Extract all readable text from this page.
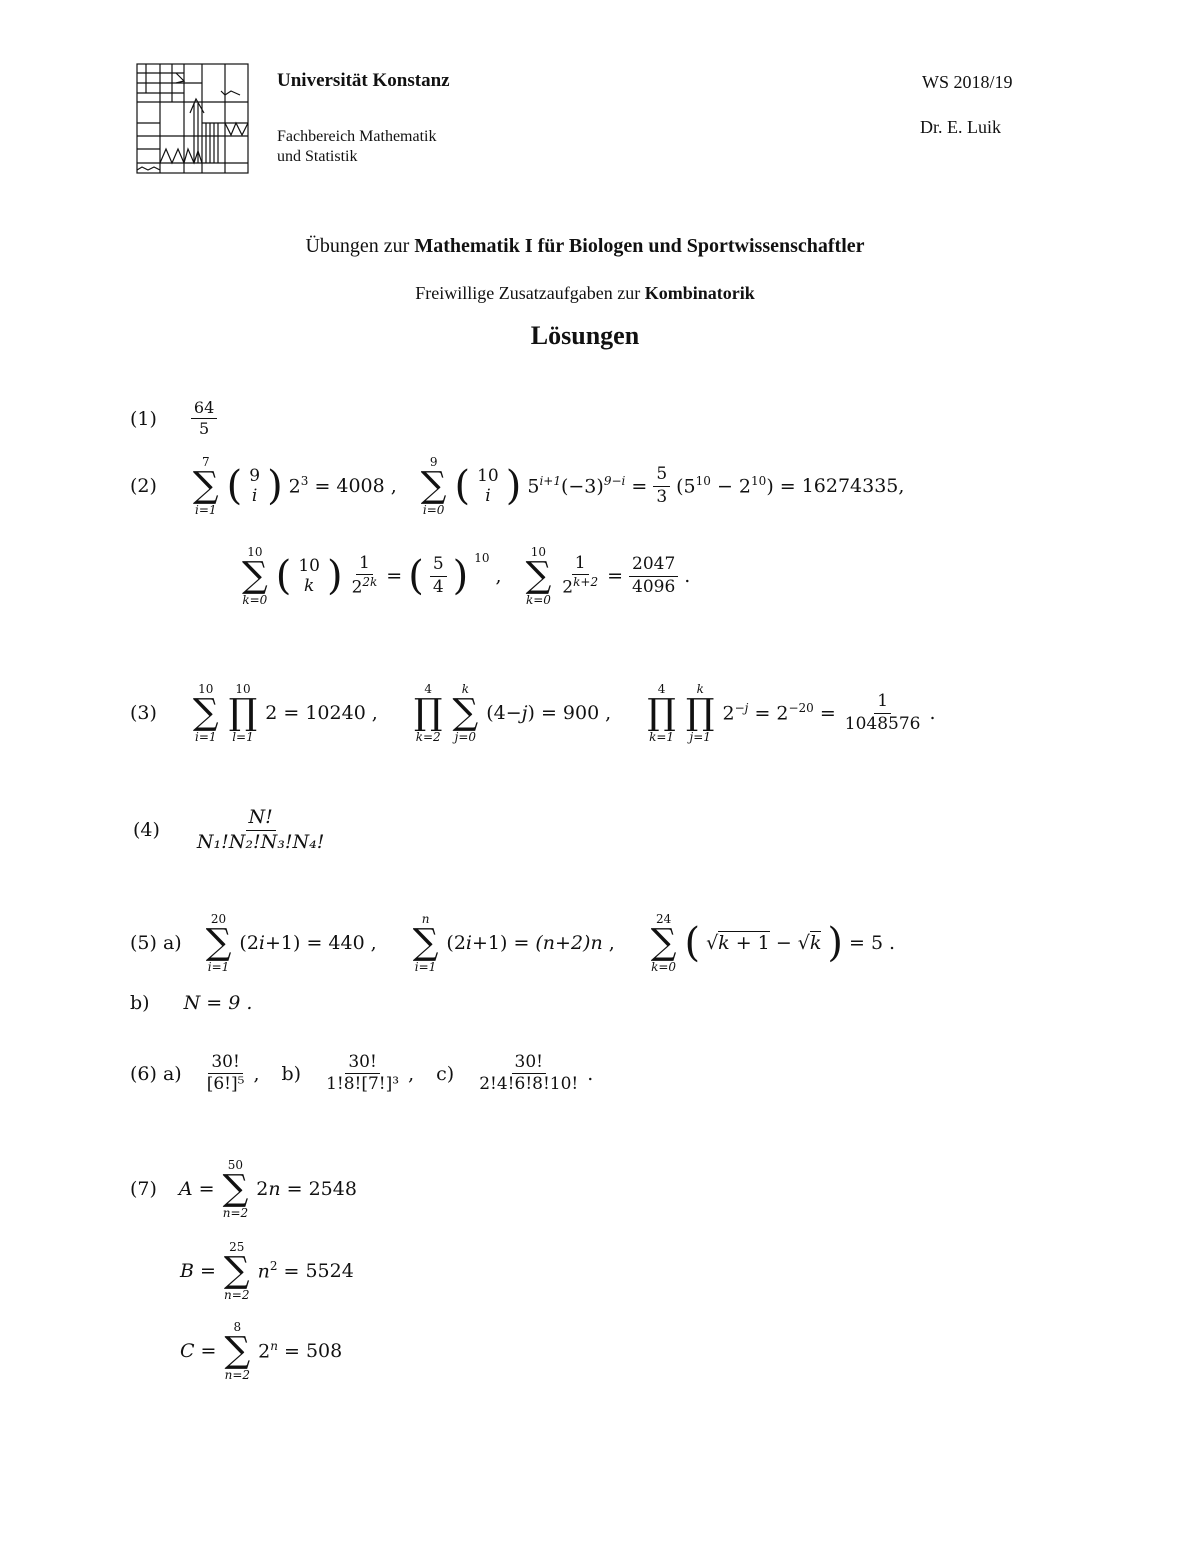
Universität Konstanz
Fachbereich Mathematik
und Statistik
WS 2018/19
Dr. E. Luik
Übungen zur Mathematik I für Biologen und Sportwissenschaftler
Freiwillige Zusatzaufgaben zur Kombinatorik
Lösungen
$(1) \frac{64}{5}$
(2)
7
∑
i=1
( 9
i ) $2^3 = 4008$ ,
9
∑
i=0
( 10
i ) $5^{i+1}(-3)^{9-i} = \frac{5}{3} (5^{10} - 2^{10}) = 16274335$,
10
∑
k=0
( 10
k ) $\frac{1}{2^{2k}}$ = ( $\frac{5}{4}$ ) $^{10}$
,
10
∑
k=0
$\frac{1}{2^{k+2}} = \frac{2047}{4096}$ .
(3)
10
∑
i=1
10
∏
l=1
2 = 10240 ,
4
∏
k=2
k
∑
j=0
(4−j) = 900 ,
4
∏
k=1
k
∏
j=1
$2^{-j} = 2^{-20} = \frac{1}{1048576}$ .
$(4) \frac{N!}{\text{N₁!N₂!N₃!N₄!}}$
(5) a)
20
∑
i=1
(2i+1) = 440 ,
n
∑
i=1
(2i+1) = (n+2)n ,
24
∑
k=0
( √k + 1 − √k ) = 5 .
b) N = 9 .
(6) $a) \frac{30!}{\text{[6!]⁵}}$ , $b) \frac{30!}{\text{1!8![7!]³}}$ , $c) \frac{30!}{2!4!6!8!10!}$ .
(7) A =
50
∑
n=2
2n = 2548
B =
25
∑
n=2
$n^2 = 5524$
C =
8
∑
n=2
$2^n = 508$
